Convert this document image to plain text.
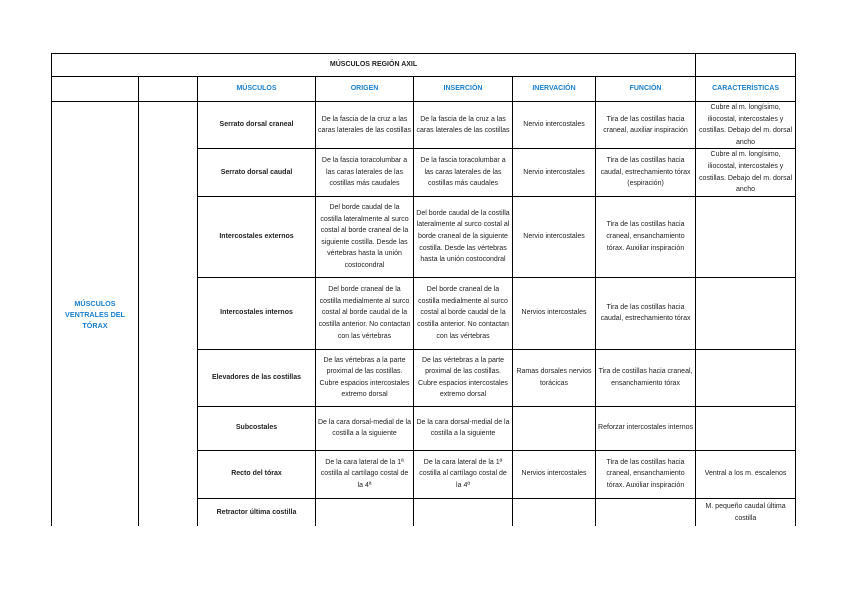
MÚSCULOS REGIÓN AXIL							
		MÚSCULOS	ORIGEN	INSERCIÓN	INERVACIÓN	FUNCIÓN	CARACTERÍSTICAS
MÚSCULOS VENTRALES DEL TÓRAX		Serrato dorsal craneal	De la fascia de la cruz a las caras laterales de las costillas	De la fascia de la cruz a las caras laterales de las costillas	Nervio intercostales	Tira de las costillas hacia craneal, auxiliar inspiración	Cubre al m. longísimo, iliocostal, intercostales y costillas. Debajo del m. dorsal ancho
		Serrato dorsal caudal	De la fascia toracolumbar a las caras laterales de las costillas más caudales	De la fascia toracolumbar a las caras laterales de las costillas más caudales	Nervio intercostales	Tira de las costillas hacia caudal, estrechamiento tórax (espiración)	Cubre al m. longísimo, iliocostal, intercostales y costillas. Debajo del m. dorsal ancho
		Intercostales externos	Del borde caudal de la costilla lateralmente al surco costal al borde craneal de la siguiente costilla. Desde las vértebras hasta la unión costocondral	Del borde caudal de la costilla lateralmente al surco costal al borde craneal de la siguiente costilla. Desde las vértebras hasta la unión costocondral	Nervio intercostales	Tira de las costillas hacia craneal, ensanchamiento tórax. Auxiliar inspiración	
		Intercostales internos	Del borde craneal de la costilla medialmente al surco costal al borde caudal de la costilla anterior. No contactan con las vértebras	Del borde craneal de la costilla medialmente al surco costal al borde caudal de la costilla anterior. No contactan con las vértebras	Nervios intercostales	Tira de las costillas hacia caudal, estrechamiento tórax	
		Elevadores de las costillas	De las vértebras a la parte proximal de las costillas. Cubre espacios intercostales extremo dorsal	De las vértebras a la parte proximal de las costillas. Cubre espacios intercostales extremo dorsal	Ramas dorsales nervios torácicas	Tira de costillas hacia craneal, ensanchamiento tórax	
		Subcostales	De la cara dorsal-medial de la costilla a la siguiente	De la cara dorsal-medial de la costilla a la siguiente		Reforzar intercostales internos	
		Recto del tórax	De la cara lateral de la 1ª costilla al cartílago costal de la 4ª	De la cara lateral de la 1ª costilla al cartílago costal de la 4ª	Nervios intercostales	Tira de las costillas hacia craneal, ensanchamiento tórax. Auxiliar inspiración	Ventral a los m. escalenos
		Retractor última costilla					M. pequeño caudal última costilla
